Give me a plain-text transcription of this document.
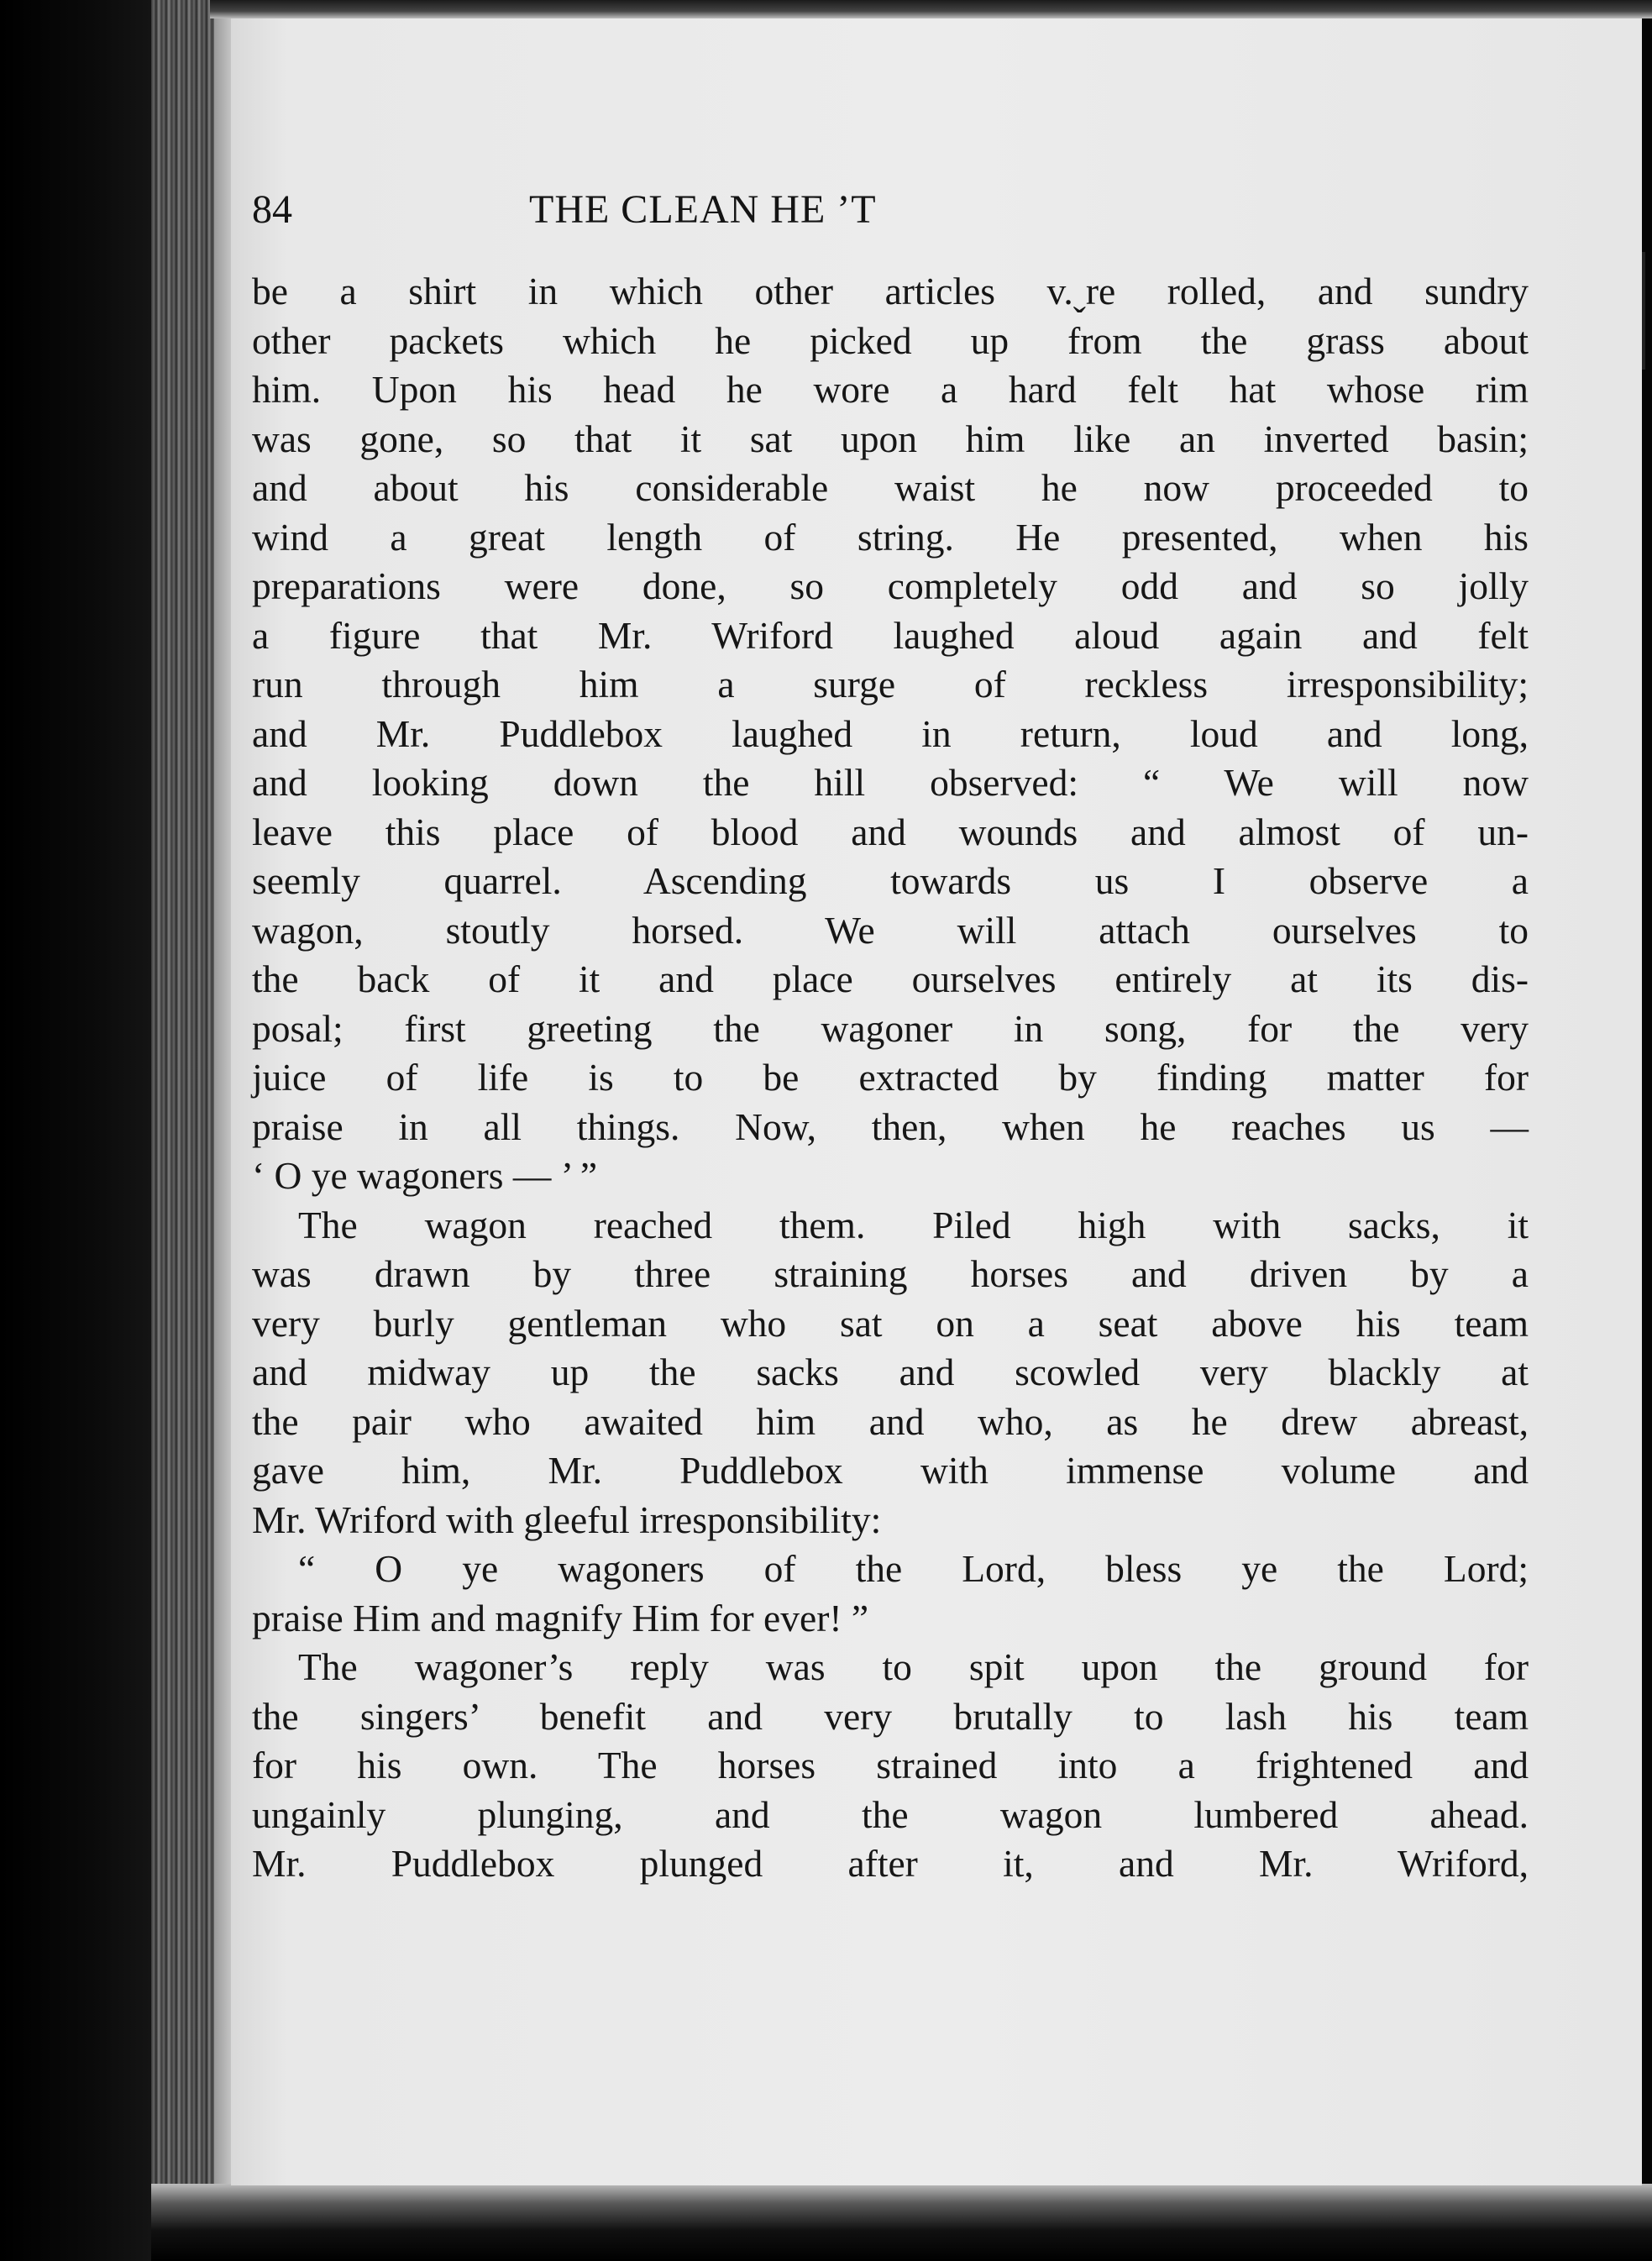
84	THE CLEAN HE ’T
be a shirt in which other articles v.ˬre rolled, and sundry
other packets which he picked up from the grass about
him. Upon his head he wore a hard felt hat whose rim
was gone, so that it sat upon him like an inverted basin;
and about his considerable waist he now proceeded to
wind a great length of string. He presented, when his
preparations were done, so completely odd and so jolly
a figure that Mr. Wriford laughed aloud again and felt
run through him a surge of reckless irresponsibility;
and Mr. Puddlebox laughed in return, loud and long,
and looking down the hill observed: “ We will now
leave this place of blood and wounds and almost of un-
seemly quarrel. Ascending towards us I observe a
wagon, stoutly horsed. We will attach ourselves to
the back of it and place ourselves entirely at its dis-
posal; first greeting the wagoner in song, for the very
juice of life is to be extracted by finding matter for
praise in all things. Now, then, when he reaches us —
‘ O ye wagoners — ’ ”
The wagon reached them. Piled high with sacks, it
was drawn by three straining horses and driven by a
very burly gentleman who sat on a seat above his team
and midway up the sacks and scowled very blackly at
the pair who awaited him and who, as he drew abreast,
gave him, Mr. Puddlebox with immense volume and
Mr. Wriford with gleeful irresponsibility:
“ O ye wagoners of the Lord, bless ye the Lord;
praise Him and magnify Him for ever! ”
The wagoner’s reply was to spit upon the ground for
the singers’ benefit and very brutally to lash his team
for his own. The horses strained into a frightened and
ungainly plunging, and the wagon lumbered ahead.
Mr. Puddlebox plunged after it, and Mr. Wriford,
